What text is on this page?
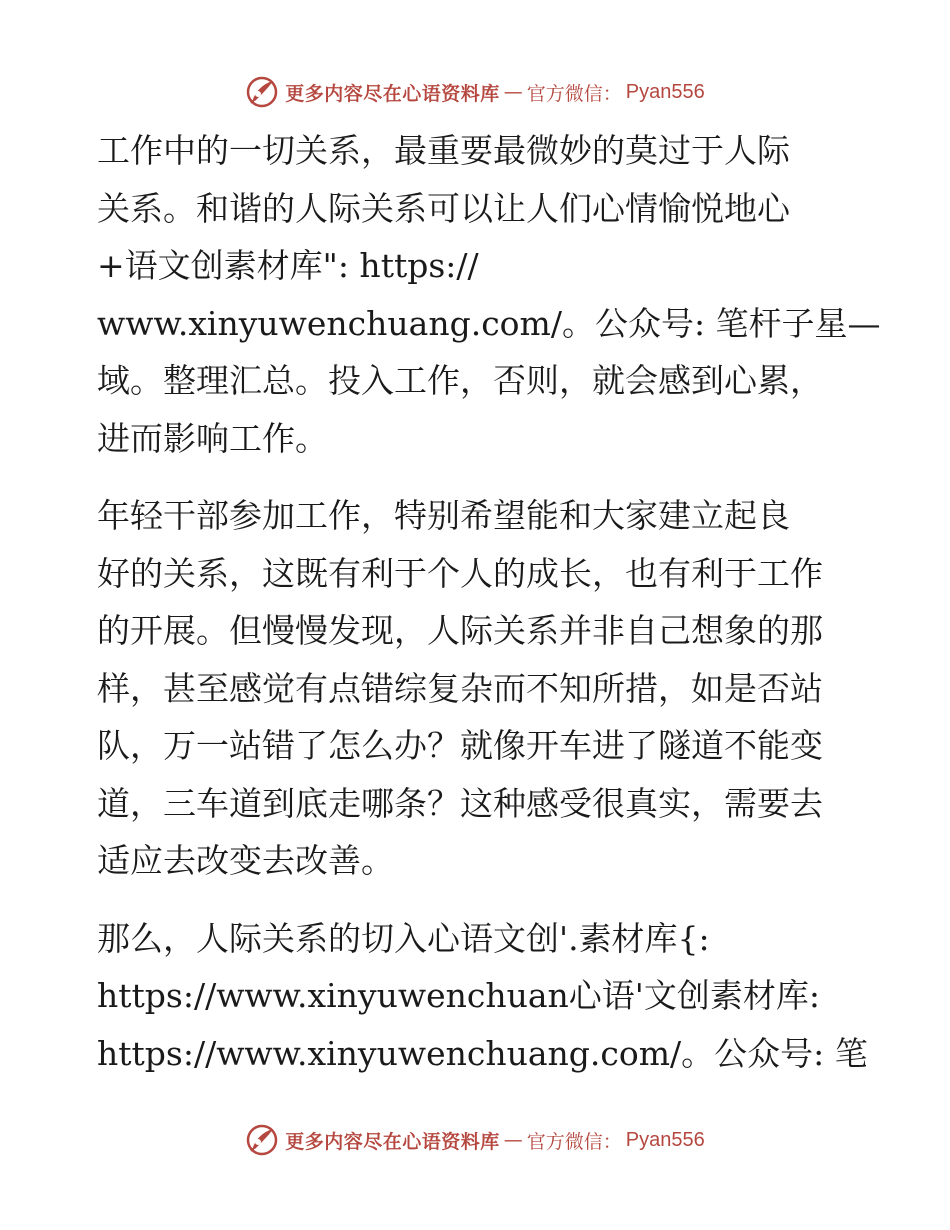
更多内容尽在心语资料库 — 官方微信： Pyan556

工作中的一切关系，最重要最微妙的莫过于人际
关系。和谐的人际关系可以让人们心情愉悦地心
+语文创素材库": https://
www.xinyuwenchuang.com/。公众号: 笔杆子星—
域。整理汇总。投入工作，否则，就会感到心累，
进而影响工作。

年轻干部参加工作，特别希望能和大家建立起良
好的关系，这既有利于个人的成长，也有利于工作
的开展。但慢慢发现，人际关系并非自己想象的那
样，甚至感觉有点错综复杂而不知所措，如是否站
队，万一站错了怎么办？就像开车进了隧道不能变
道，三车道到底走哪条？这种感受很真实，需要去
适应去改变去改善。

那么，人际关系的切入心语文创'.素材库{:
https://www.xinyuwenchuan心语'文创素材库:
https://www.xinyuwenchuang.com/。公众号: 笔

更多内容尽在心语资料库 — 官方微信： Pyan556
